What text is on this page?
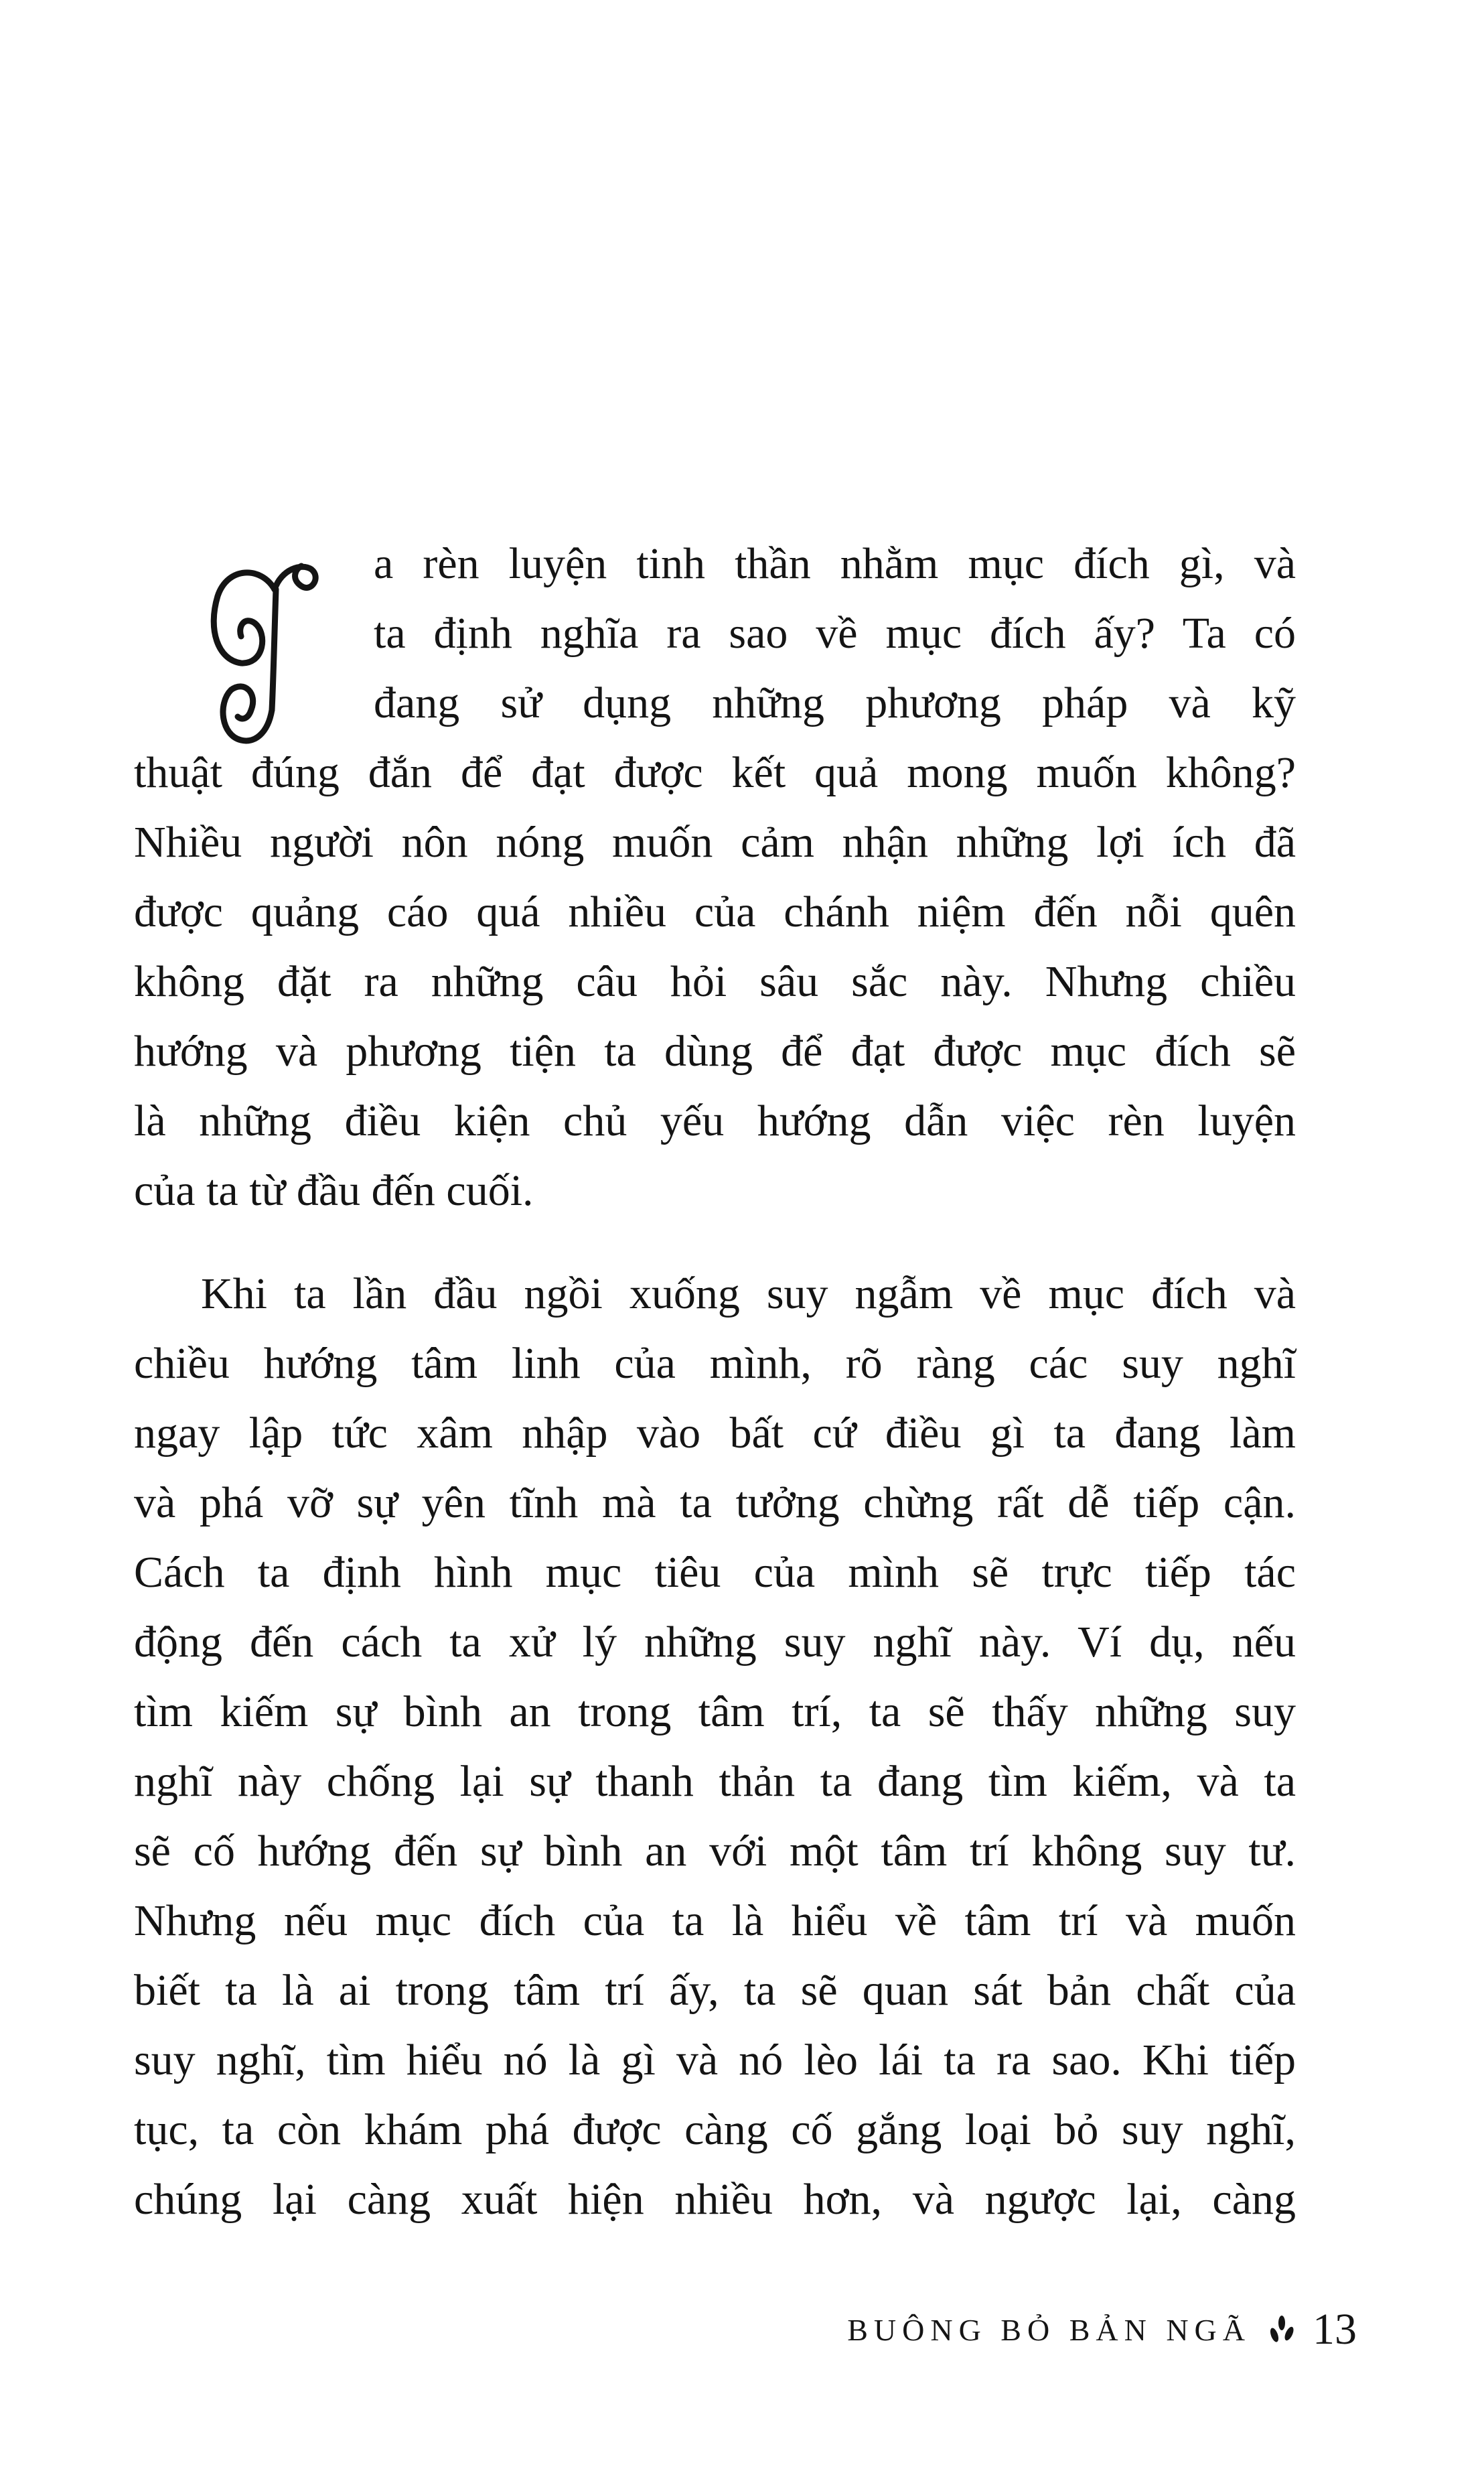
a rèn luyện tinh thần nhằm mục đích gì, và
ta định nghĩa ra sao về mục đích ấy? Ta có
đang sử dụng những phương pháp và kỹ
thuật đúng đắn để đạt được kết quả mong muốn không?
Nhiều người nôn nóng muốn cảm nhận những lợi ích đã
được quảng cáo quá nhiều của chánh niệm đến nỗi quên
không đặt ra những câu hỏi sâu sắc này. Nhưng chiều
hướng và phương tiện ta dùng để đạt được mục đích sẽ
là những điều kiện chủ yếu hướng dẫn việc rèn luyện
của ta từ đầu đến cuối.
Khi ta lần đầu ngồi xuống suy ngẫm về mục đích và
chiều hướng tâm linh của mình, rõ ràng các suy nghĩ
ngay lập tức xâm nhập vào bất cứ điều gì ta đang làm
và phá vỡ sự yên tĩnh mà ta tưởng chừng rất dễ tiếp cận.
Cách ta định hình mục tiêu của mình sẽ trực tiếp tác
động đến cách ta xử lý những suy nghĩ này. Ví dụ, nếu
tìm kiếm sự bình an trong tâm trí, ta sẽ thấy những suy
nghĩ này chống lại sự thanh thản ta đang tìm kiếm, và ta
sẽ cố hướng đến sự bình an với một tâm trí không suy tư.
Nhưng nếu mục đích của ta là hiểu về tâm trí và muốn
biết ta là ai trong tâm trí ấy, ta sẽ quan sát bản chất của
suy nghĩ, tìm hiểu nó là gì và nó lèo lái ta ra sao. Khi tiếp
tục, ta còn khám phá được càng cố gắng loại bỏ suy nghĩ,
chúng lại càng xuất hiện nhiều hơn, và ngược lại, càng
BUÔNG BỎ BẢN NGÃ 13
